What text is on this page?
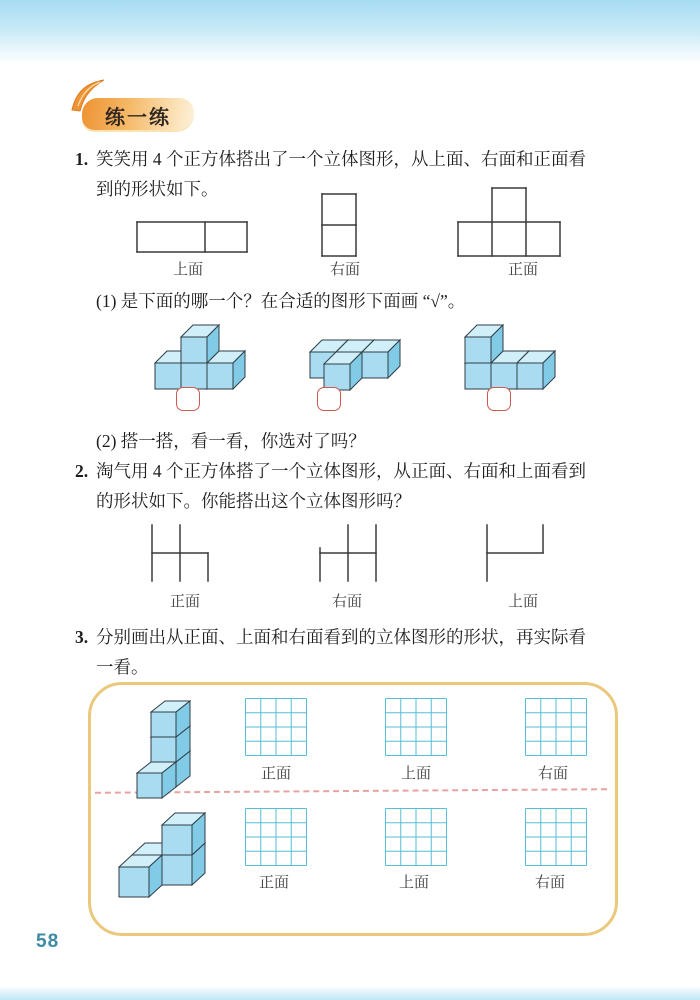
练一练
1. 笑笑用 4 个正方体搭出了一个立体图形，从上面、右面和正面看
到的形状如下。
上面	右面	正面
(1) 是下面的哪一个？在合适的图形下面画 “√”。
(2) 搭一搭，看一看，你选对了吗？
2. 淘气用 4 个正方体搭了一个立体图形，从正面、右面和上面看到
的形状如下。你能搭出这个立体图形吗？
正面	右面	上面
3. 分别画出从正面、上面和右面看到的立体图形的形状，再实际看
一看。
正面	上面	右面
正面	上面	右面
58
